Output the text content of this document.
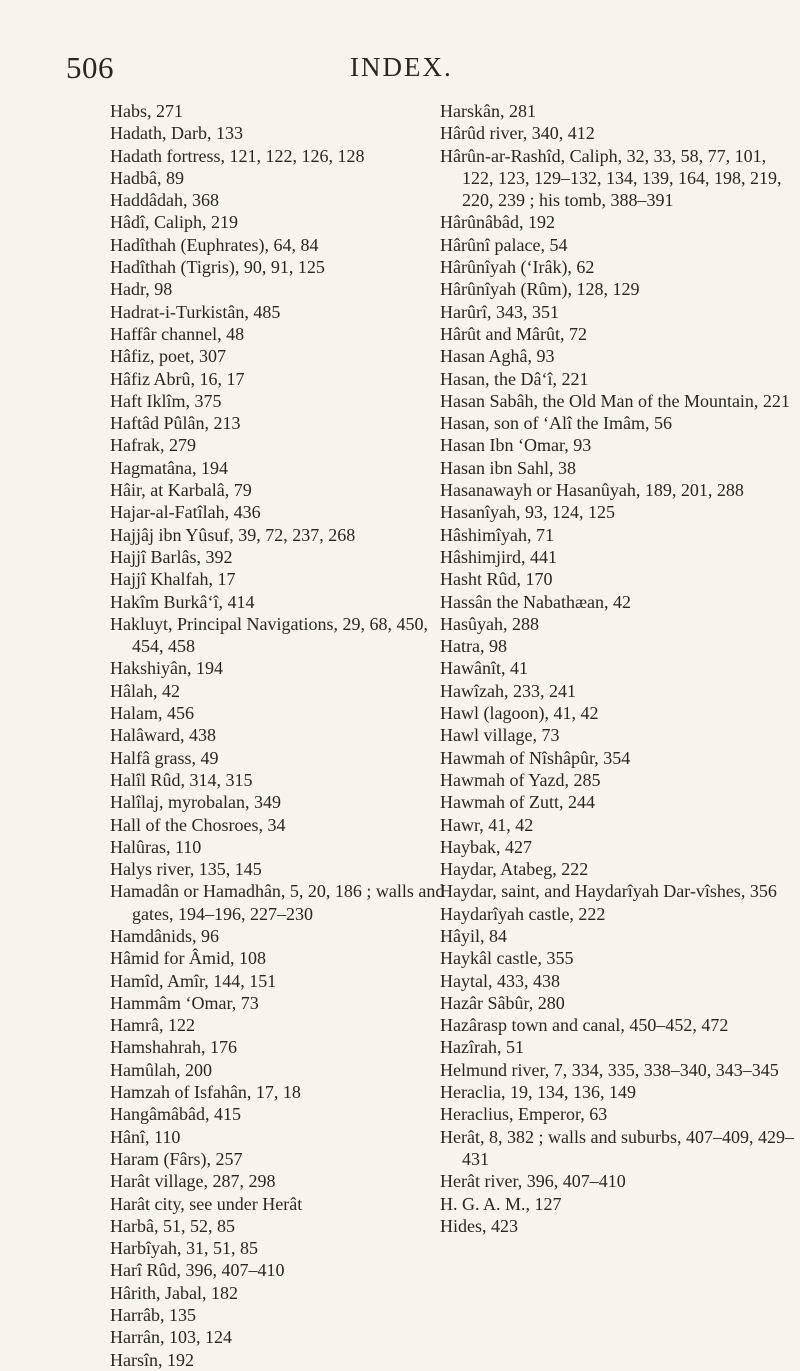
506	INDEX.
Habs, 271
Hadath, Darb, 133
Hadath fortress, 121, 122, 126, 128
Hadbâ, 89
Haddâdah, 368
Hâdî, Caliph, 219
Hadîthah (Euphrates), 64, 84
Hadîthah (Tigris), 90, 91, 125
Hadr, 98
Hadrat-i-Turkistân, 485
Haffâr channel, 48
Hâfiz, poet, 307
Hâfiz Abrû, 16, 17
Haft Iklîm, 375
Haftâd Pûlân, 213
Hafrak, 279
Hagmatâna, 194
Hâir, at Karbalâ, 79
Hajar-al-Fatîlah, 436
Hajjâj ibn Yûsuf, 39, 72, 237, 268
Hajjî Barlâs, 392
Hajjî Khalfah, 17
Hakîm Burkâ‘î, 414
Hakluyt, Principal Navigations, 29, 68, 450, 454, 458
Hakshiyân, 194
Hâlah, 42
Halam, 456
Halâward, 438
Halfâ grass, 49
Halîl Rûd, 314, 315
Halîlaj, myrobalan, 349
Hall of the Chosroes, 34
Halûras, 110
Halys river, 135, 145
Hamadân or Hamadhân, 5, 20, 186 ; walls and gates, 194–196, 227–230
Hamdânids, 96
Hâmid for Âmid, 108
Hamîd, Amîr, 144, 151
Hammâm ‘Omar, 73
Hamrâ, 122
Hamshahrah, 176
Hamûlah, 200
Hamzah of Isfahân, 17, 18
Hangâmâbâd, 415
Hânî, 110
Haram (Fârs), 257
Harât village, 287, 298
Harât city, see under Herât
Harbâ, 51, 52, 85
Harbîyah, 31, 51, 85
Harî Rûd, 396, 407–410
Hârith, Jabal, 182
Harrâb, 135
Harrân, 103, 124
Harsîn, 192
Harskân, 281
Hârûd river, 340, 412
Hârûn-ar-Rashîd, Caliph, 32, 33, 58, 77, 101, 122, 123, 129–132, 134, 139, 164, 198, 219, 220, 239 ; his tomb, 388–391
Hârûnâbâd, 192
Hârûnî palace, 54
Hârûnîyah (‘Irâk), 62
Hârûnîyah (Rûm), 128, 129
Harûrî, 343, 351
Hârût and Mârût, 72
Hasan Aghâ, 93
Hasan, the Dâ‘î, 221
Hasan Sabâh, the Old Man of the Mountain, 221
Hasan, son of ‘Alî the Imâm, 56
Hasan Ibn ‘Omar, 93
Hasan ibn Sahl, 38
Hasanawayh or Hasanûyah, 189, 201, 288
Hasanîyah, 93, 124, 125
Hâshimîyah, 71
Hâshimjird, 441
Hasht Rûd, 170
Hassân the Nabathæan, 42
Hasûyah, 288
Hatra, 98
Hawânît, 41
Hawîzah, 233, 241
Hawl (lagoon), 41, 42
Hawl village, 73
Hawmah of Nîshâpûr, 354
Hawmah of Yazd, 285
Hawmah of Zutt, 244
Hawr, 41, 42
Haybak, 427
Haydar, Atabeg, 222
Haydar, saint, and Haydarîyah Dar-vîshes, 356
Haydarîyah castle, 222
Hâyil, 84
Haykâl castle, 355
Haytal, 433, 438
Hazâr Sâbûr, 280
Hazârasp town and canal, 450–452, 472
Hazîrah, 51
Helmund river, 7, 334, 335, 338–340, 343–345
Heraclia, 19, 134, 136, 149
Heraclius, Emperor, 63
Herât, 8, 382 ; walls and suburbs, 407–409, 429–431
Herât river, 396, 407–410
H. G. A. M., 127
Hides, 423
